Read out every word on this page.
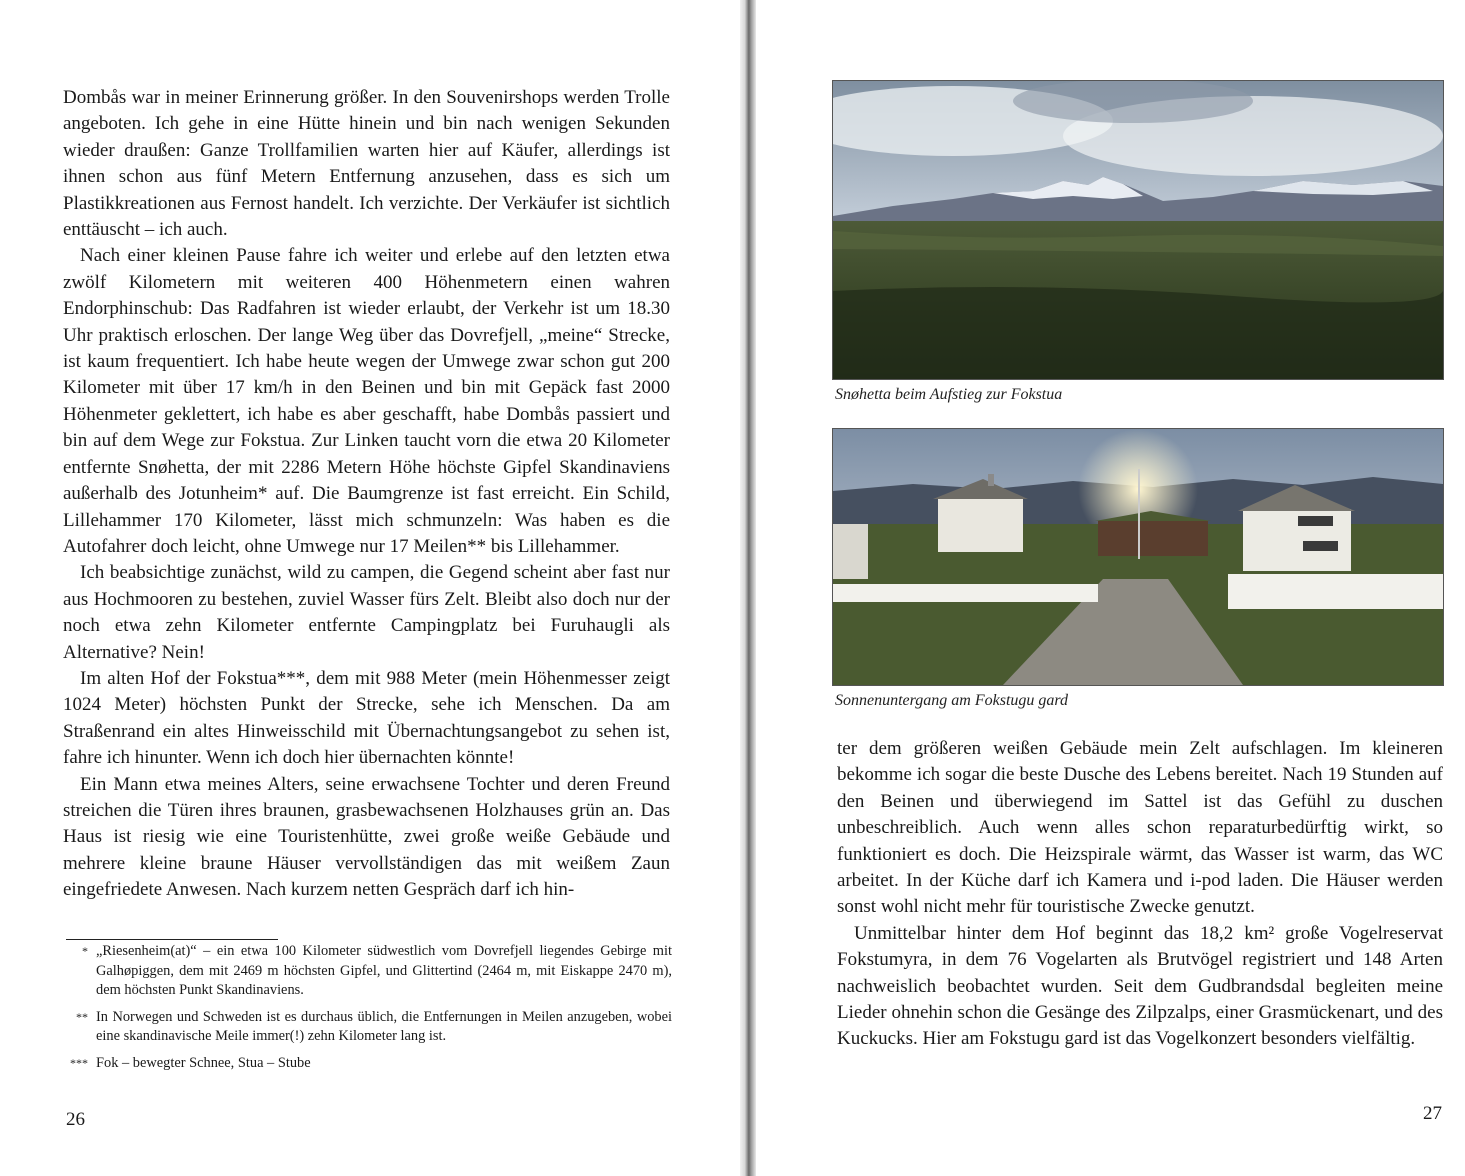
Dombås war in meiner Erinnerung größer. In den Souvenirshops werden Trolle angeboten. Ich gehe in eine Hütte hinein und bin nach wenigen Sekunden wieder draußen: Ganze Trollfamilien warten hier auf Käufer, allerdings ist ihnen schon aus fünf Metern Entfernung anzusehen, dass es sich um Plastikkreationen aus Fernost handelt. Ich verzichte. Der Verkäufer ist sichtlich enttäuscht – ich auch.

Nach einer kleinen Pause fahre ich weiter und erlebe auf den letzten etwa zwölf Kilometern mit weiteren 400 Höhenmetern einen wahren Endorphinschub: Das Radfahren ist wieder erlaubt, der Verkehr ist um 18.30 Uhr praktisch erloschen. Der lange Weg über das Dovrefjell, „meine“ Strecke, ist kaum frequentiert. Ich habe heute wegen der Umwege zwar schon gut 200 Kilometer mit über 17 km/h in den Beinen und bin mit Gepäck fast 2000 Höhenmeter geklettert, ich habe es aber geschafft, habe Dombås passiert und bin auf dem Wege zur Fokstua. Zur Linken taucht vorn die etwa 20 Kilometer entfernte Snøhetta, der mit 2286 Metern Höhe höchste Gipfel Skandinaviens außerhalb des Jotunheim* auf. Die Baumgrenze ist fast erreicht. Ein Schild, Lillehammer 170 Kilometer, lässt mich schmunzeln: Was haben es die Autofahrer doch leicht, ohne Umwege nur 17 Meilen** bis Lillehammer.

Ich beabsichtige zunächst, wild zu campen, die Gegend scheint aber fast nur aus Hochmooren zu bestehen, zuviel Wasser fürs Zelt. Bleibt also doch nur der noch etwa zehn Kilometer entfernte Campingplatz bei Furuhaugli als Alternative? Nein!

Im alten Hof der Fokstua***, dem mit 988 Meter (mein Höhenmesser zeigt 1024 Meter) höchsten Punkt der Strecke, sehe ich Menschen. Da am Straßenrand ein altes Hinweisschild mit Übernachtungsangebot zu sehen ist, fahre ich hinunter. Wenn ich doch hier übernachten könnte!

Ein Mann etwa meines Alters, seine erwachsene Tochter und deren Freund streichen die Türen ihres braunen, grasbewachsenen Holzhauses grün an. Das Haus ist riesig wie eine Touristenhütte, zwei große weiße Gebäude und mehrere kleine braune Häuser vervollständigen das mit weißem Zaun eingefriedete Anwesen. Nach kurzem netten Gespräch darf ich hin-

* „Riesenheim(at)“ – ein etwa 100 Kilometer südwestlich vom Dovrefjell liegendes Gebirge mit Galhøpiggen, dem mit 2469 m höchsten Gipfel, und Glittertind (2464 m, mit Eiskappe 2470 m), dem höchsten Punkt Skandinaviens.
** In Norwegen und Schweden ist es durchaus üblich, die Entfernungen in Meilen anzugeben, wobei eine skandinavische Meile immer(!) zehn Kilometer lang ist.
*** Fok – bewegter Schnee, Stua – Stube
26
Snøhetta beim Aufstieg zur Fokstua
Sonnenuntergang am Fokstugu gard

ter dem größeren weißen Gebäude mein Zelt aufschlagen. Im kleineren bekomme ich sogar die beste Dusche des Lebens bereitet. Nach 19 Stunden auf den Beinen und überwiegend im Sattel ist das Gefühl zu duschen unbeschreiblich. Auch wenn alles schon reparaturbedürftig wirkt, so funktioniert es doch. Die Heizspirale wärmt, das Wasser ist warm, das WC arbeitet. In der Küche darf ich Kamera und i-pod laden. Die Häuser werden sonst wohl nicht mehr für touristische Zwecke genutzt.

Unmittelbar hinter dem Hof beginnt das 18,2 km² große Vogelreservat Fokstumyra, in dem 76 Vogelarten als Brutvögel registriert und 148 Arten nachweislich beobachtet wurden. Seit dem Gudbrandsdal begleiten meine Lieder ohnehin schon die Gesänge des Zilpzalps, einer Grasmückenart, und des Kuckucks. Hier am Fokstugu gard ist das Vogelkonzert besonders vielfältig.

27
